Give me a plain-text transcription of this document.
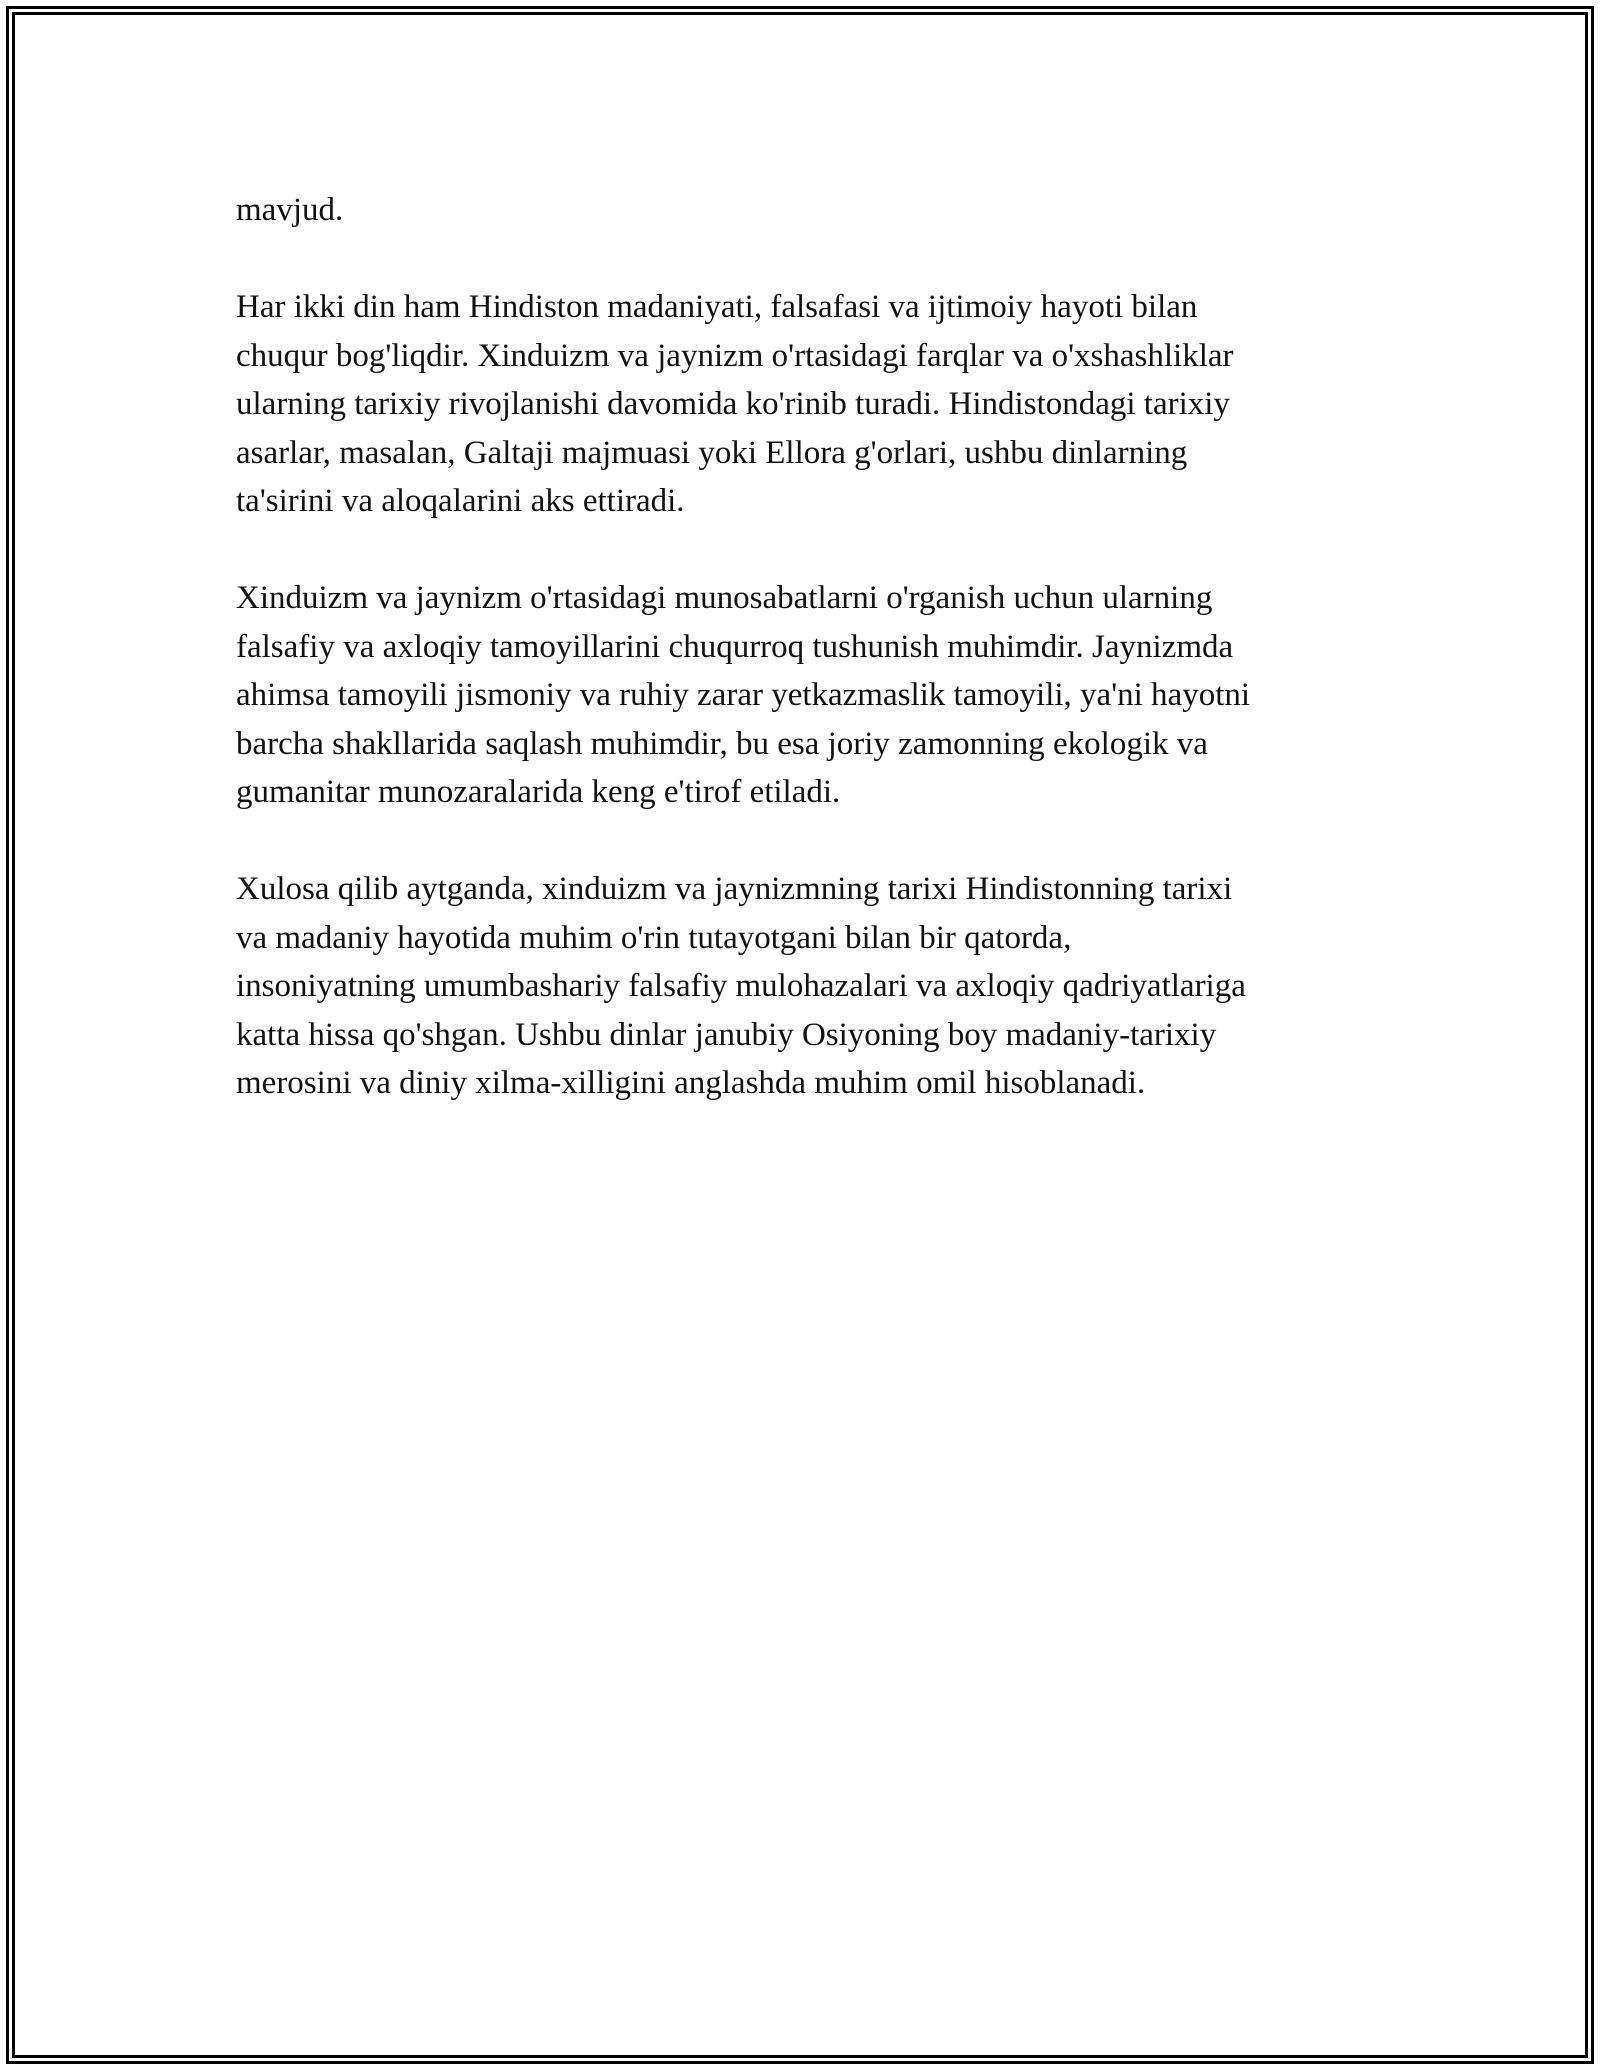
mavjud.

Har ikki din ham Hindiston madaniyati, falsafasi va ijtimoiy hayoti bilan
chuqur bog'liqdir. Xinduizm va jaynizm o'rtasidagi farqlar va o'xshashliklar
ularning tarixiy rivojlanishi davomida ko'rinib turadi. Hindistondagi tarixiy
asarlar, masalan, Galtaji majmuasi yoki Ellora g'orlari, ushbu dinlarning
ta'sirini va aloqalarini aks ettiradi.

Xinduizm va jaynizm o'rtasidagi munosabatlarni o'rganish uchun ularning
falsafiy va axloqiy tamoyillarini chuqurroq tushunish muhimdir. Jaynizmda
ahimsa tamoyili jismoniy va ruhiy zarar yetkazmaslik tamoyili, ya'ni hayotni
barcha shakllarida saqlash muhimdir, bu esa joriy zamonning ekologik va
gumanitar munozaralarida keng e'tirof etiladi.

Xulosa qilib aytganda, xinduizm va jaynizmning tarixi Hindistonning tarixi
va madaniy hayotida muhim o'rin tutayotgani bilan bir qatorda,
insoniyatning umumbashariy falsafiy mulohazalari va axloqiy qadriyatlariga
katta hissa qo'shgan. Ushbu dinlar janubiy Osiyoning boy madaniy-tarixiy
merosini va diniy xilma-xilligini anglashda muhim omil hisoblanadi.
